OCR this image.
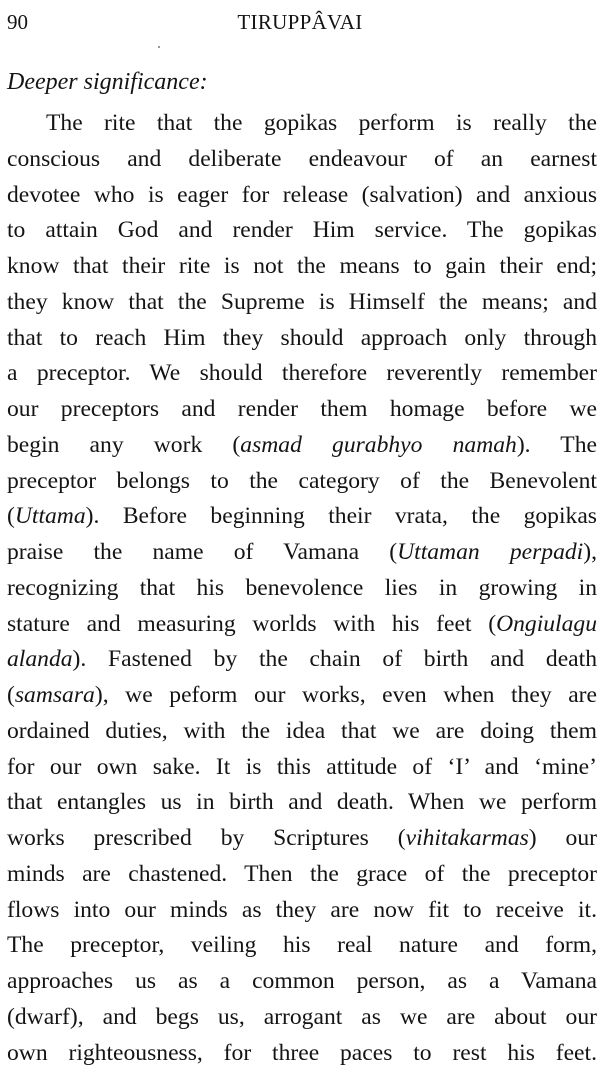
90	TIRUPPÂVAI
Deeper significance:
The rite that the gopikas perform is really the
conscious and deliberate endeavour of an earnest
devotee who is eager for release (salvation) and anxious
to attain God and render Him service. The gopikas
know that their rite is not the means to gain their end;
they know that the Supreme is Himself the means; and
that to reach Him they should approach only through
a preceptor. We should therefore reverently remember
our preceptors and render them homage before we
begin any work (asmad gurabhyo namah). The
preceptor belongs to the category of the Benevolent
(Uttama). Before beginning their vrata, the gopikas
praise the name of Vamana (Uttaman perpadi),
recognizing that his benevolence lies in growing in
stature and measuring worlds with his feet (Ongiulagu
alanda). Fastened by the chain of birth and death
(samsara), we peform our works, even when they are
ordained duties, with the idea that we are doing them
for our own sake. It is this attitude of ‘I’ and ‘mine’
that entangles us in birth and death. When we perform
works prescribed by Scriptures (vihitakarmas) our
minds are chastened. Then the grace of the preceptor
flows into our minds as they are now fit to receive it.
The preceptor, veiling his real nature and form,
approaches us as a common person, as a Vamana
(dwarf), and begs us, arrogant as we are about our
own righteousness, for three paces to rest his feet.
